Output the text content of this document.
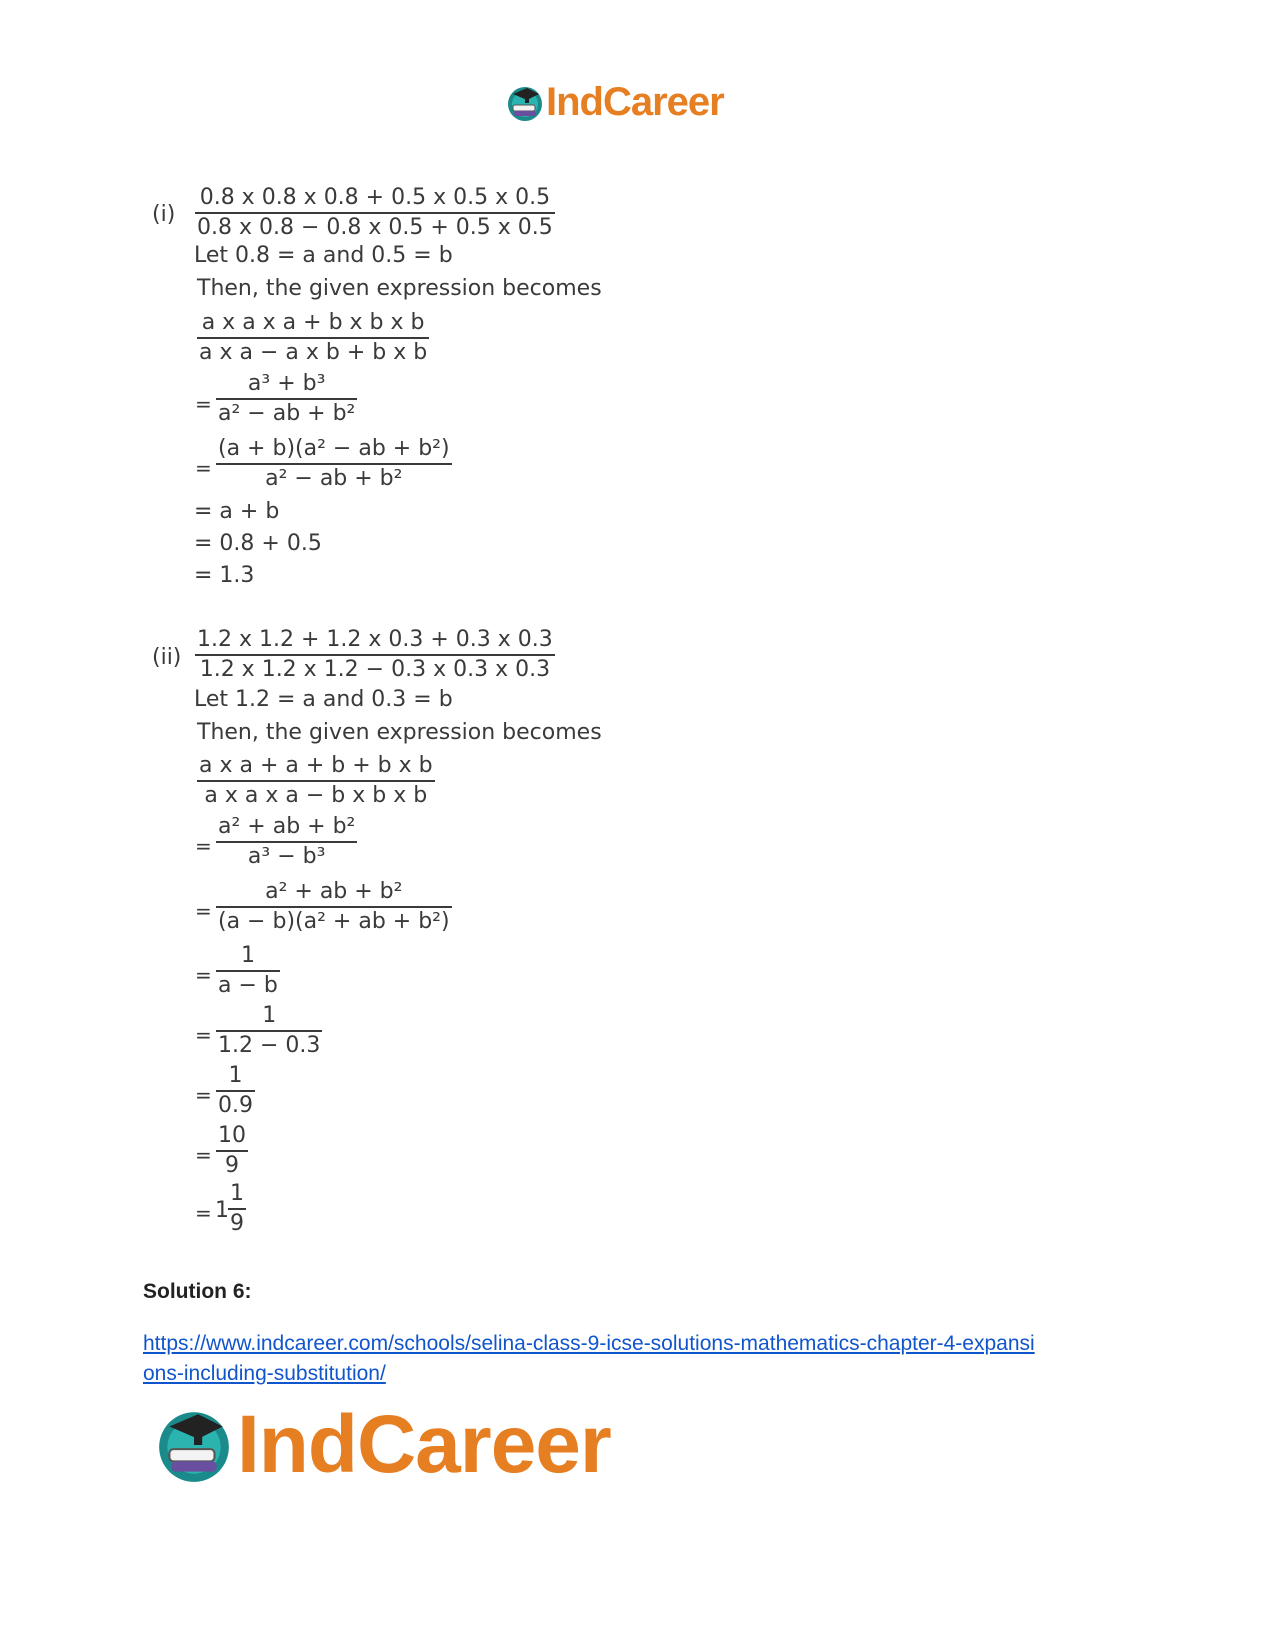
IndCareer
(i)
0.8 x 0.8 x 0.8 + 0.5 x 0.5 x 0.5
0.8 x 0.8 − 0.8 x 0.5 + 0.5 x 0.5
Let 0.8 = a and 0.5 = b
Then, the given expression becomes
a x a x a + b x b x b
a x a − a x b + b x b
=
a³ + b³
a² − ab + b²
=
(a + b)(a² − ab + b²)
a² − ab + b²
= a + b
= 0.8 + 0.5
= 1.3
(ii)
1.2 x 1.2 + 1.2 x 0.3 + 0.3 x 0.3
1.2 x 1.2 x 1.2 − 0.3 x 0.3 x 0.3
Let 1.2 = a and 0.3 = b
Then, the given expression becomes
a x a + a + b + b x b
a x a x a − b x b x b
=
a² + ab + b²
a³ − b³
=
a² + ab + b²
(a − b)(a² + ab + b²)
=
1
a − b
=
1
1.2 − 0.3
=
1
0.9
=
10
9
= 1
1
9
Solution 6:
https://www.indcareer.com/schools/selina-class-9-icse-solutions-mathematics-chapter-4-expansi
ons-including-substitution/
IndCareer
